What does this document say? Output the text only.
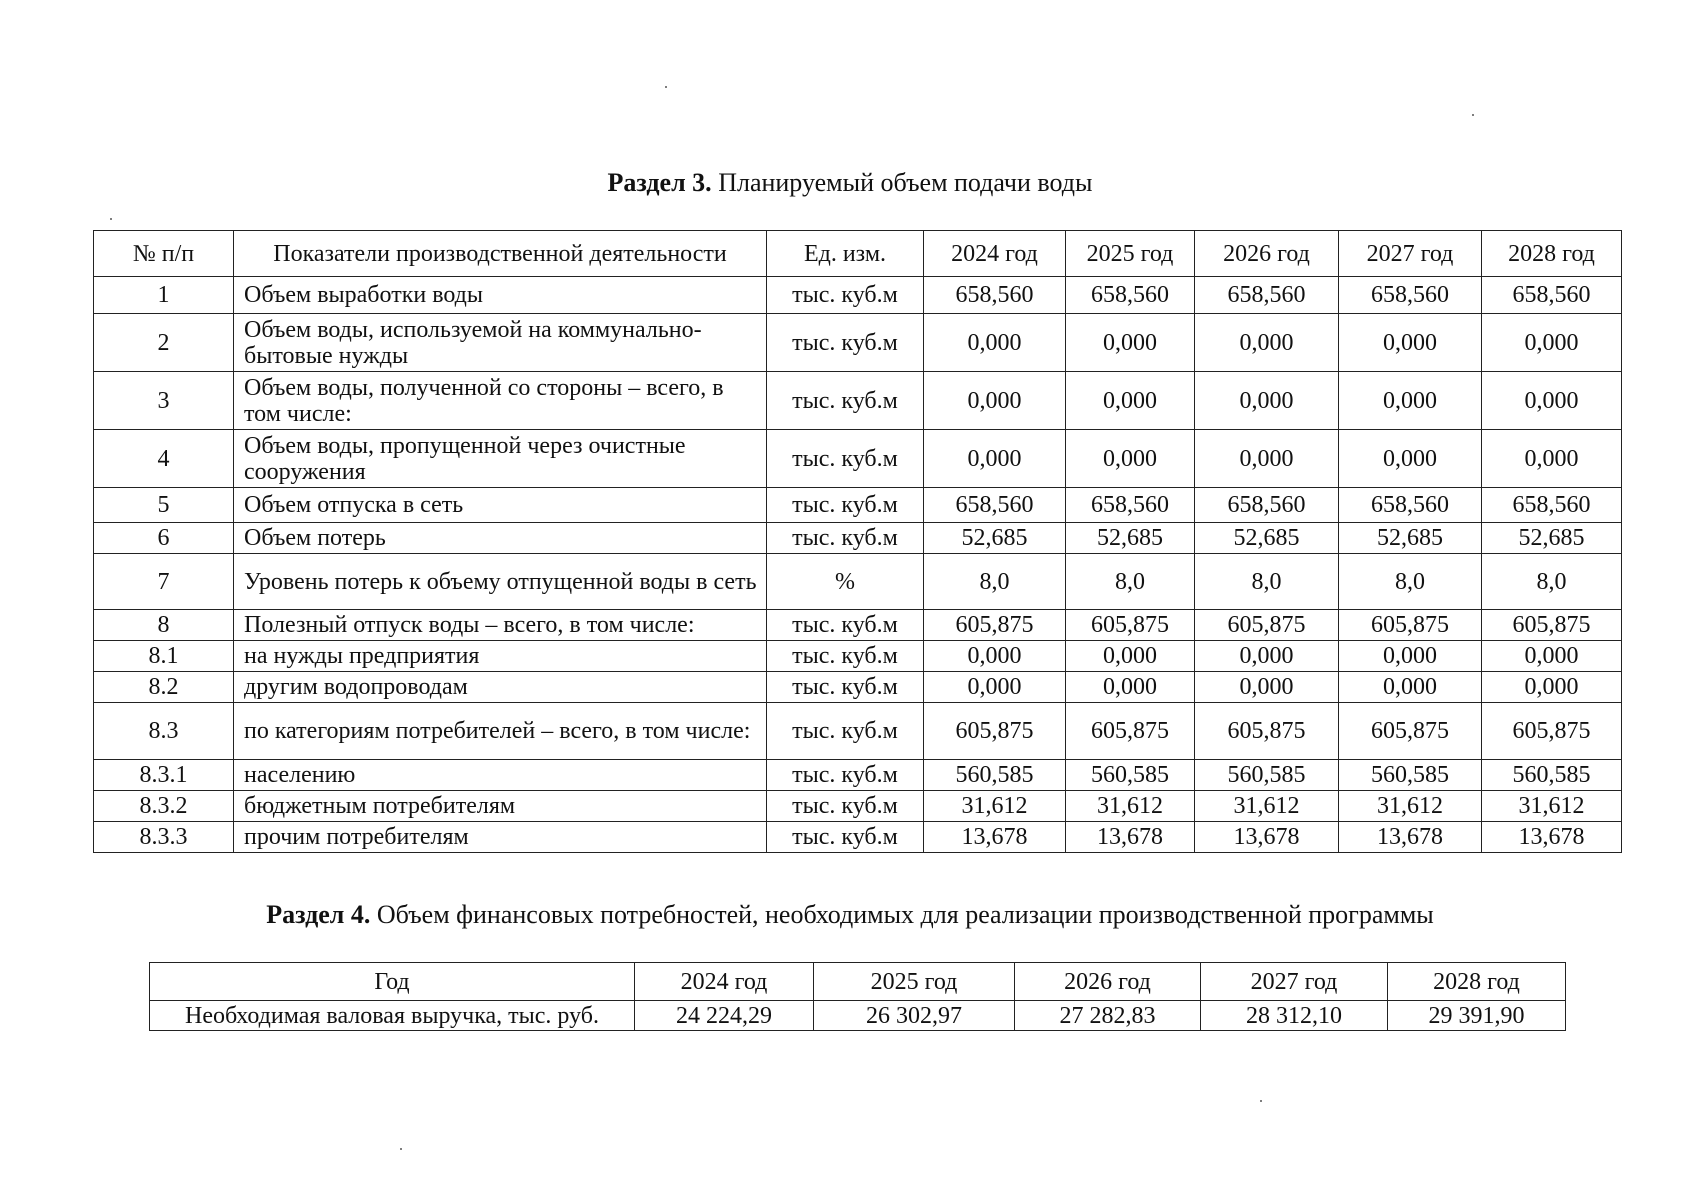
Раздел 3. Планируемый объем подачи воды
№ п/п	Показатели производственной деятельности	Ед. изм.	2024 год	2025 год	2026 год	2027 год	2028 год
1	Объем выработки воды	тыс. куб.м	658,560	658,560	658,560	658,560	658,560
2	Объем воды, используемой на коммунально-бытовые нужды	тыс. куб.м	0,000	0,000	0,000	0,000	0,000
3	Объем воды, полученной со стороны – всего, в том числе:	тыс. куб.м	0,000	0,000	0,000	0,000	0,000
4	Объем воды, пропущенной через очистные сооружения	тыс. куб.м	0,000	0,000	0,000	0,000	0,000
5	Объем отпуска в сеть	тыс. куб.м	658,560	658,560	658,560	658,560	658,560
6	Объем потерь	тыс. куб.м	52,685	52,685	52,685	52,685	52,685
7	Уровень потерь к объему отпущенной воды в сеть	%	8,0	8,0	8,0	8,0	8,0
8	Полезный отпуск воды – всего, в том числе:	тыс. куб.м	605,875	605,875	605,875	605,875	605,875
8.1	на нужды предприятия	тыс. куб.м	0,000	0,000	0,000	0,000	0,000
8.2	другим водопроводам	тыс. куб.м	0,000	0,000	0,000	0,000	0,000
8.3	по категориям потребителей – всего, в том числе:	тыс. куб.м	605,875	605,875	605,875	605,875	605,875
8.3.1	населению	тыс. куб.м	560,585	560,585	560,585	560,585	560,585
8.3.2	бюджетным потребителям	тыс. куб.м	31,612	31,612	31,612	31,612	31,612
8.3.3	прочим потребителям	тыс. куб.м	13,678	13,678	13,678	13,678	13,678
Раздел 4. Объем финансовых потребностей, необходимых для реализации производственной программы
Год	2024 год	2025 год	2026 год	2027 год	2028 год
Необходимая валовая выручка, тыс. руб.	24 224,29	26 302,97	27 282,83	28 312,10	29 391,90
